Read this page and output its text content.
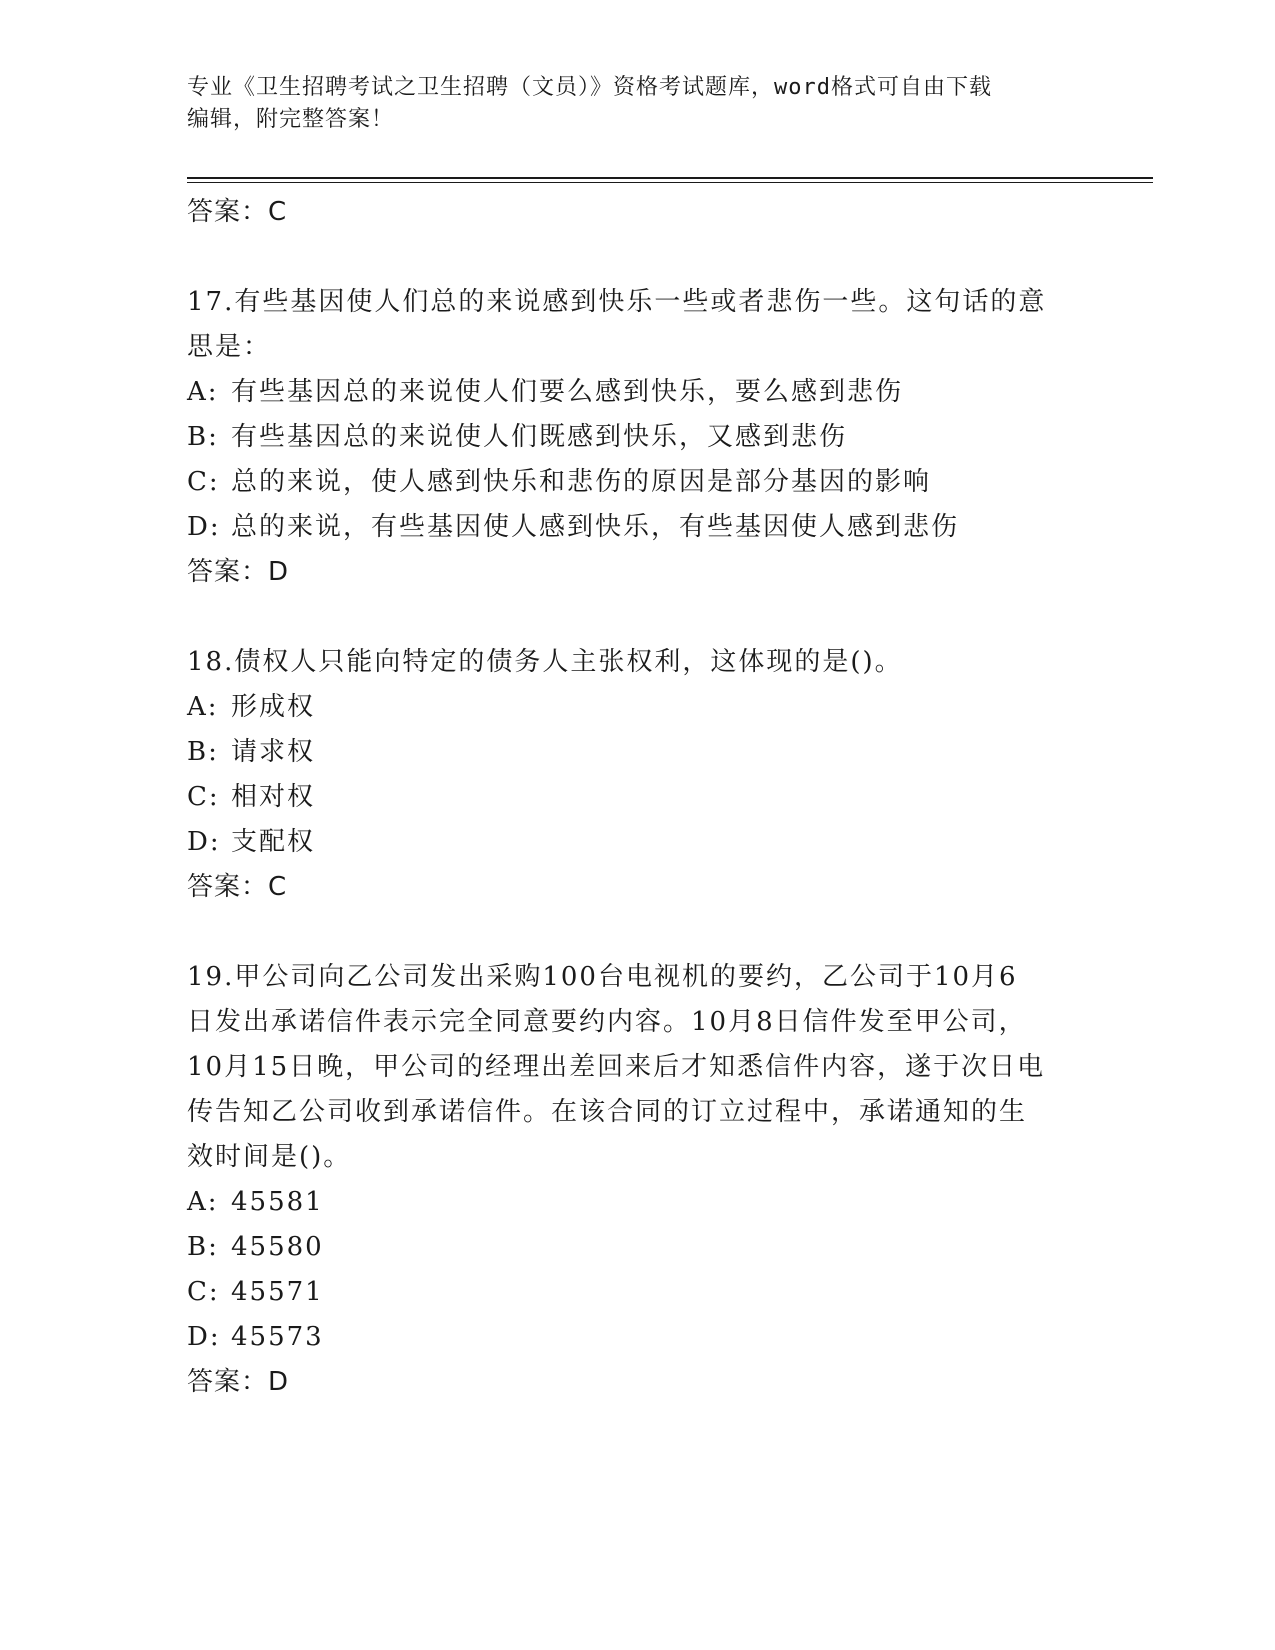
专业《卫生招聘考试之卫生招聘（文员）》资格考试题库，word格式可自由下载
编辑，附完整答案！

答案：C

17.有些基因使人们总的来说感到快乐一些或者悲伤一些。这句话的意

思是：

A: 有些基因总的来说使人们要么感到快乐，要么感到悲伤

B: 有些基因总的来说使人们既感到快乐，又感到悲伤

C: 总的来说，使人感到快乐和悲伤的原因是部分基因的影响

D: 总的来说，有些基因使人感到快乐，有些基因使人感到悲伤

答案：D

18.债权人只能向特定的债务人主张权利，这体现的是()。

A: 形成权

B: 请求权

C: 相对权

D: 支配权

答案：C

19.甲公司向乙公司发出采购100台电视机的要约，乙公司于10月6

日发出承诺信件表示完全同意要约内容。10月8日信件发至甲公司，

10月15日晚，甲公司的经理出差回来后才知悉信件内容，遂于次日电

传告知乙公司收到承诺信件。在该合同的订立过程中，承诺通知的生

效时间是()。

A: 45581

B: 45580

C: 45571

D: 45573

答案：D
